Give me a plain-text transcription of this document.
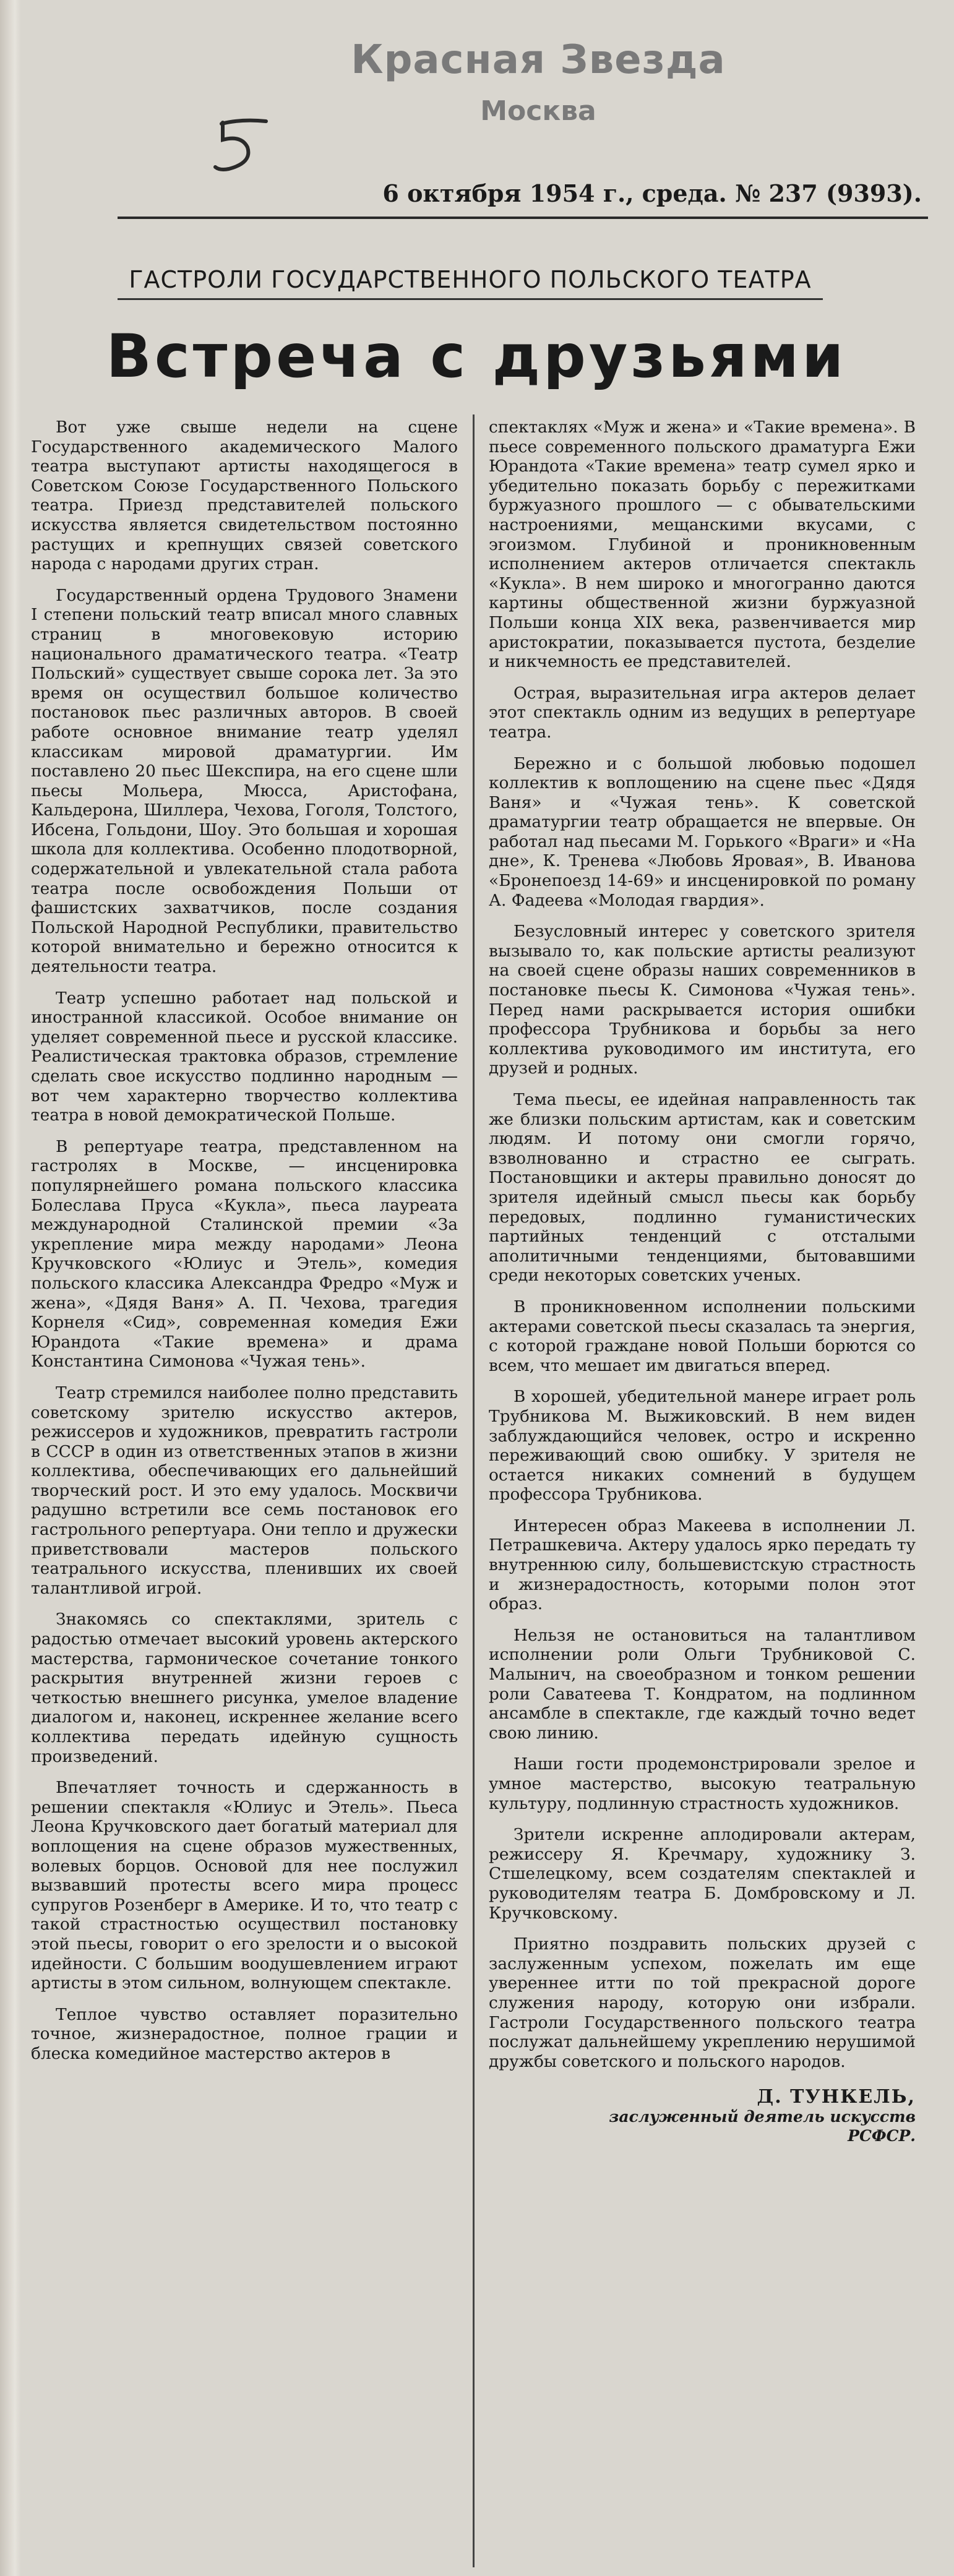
Красная Звезда
Москва
6 октября 1954 г., среда. № 237 (9393).
ГАСТРОЛИ ГОСУДАРСТВЕННОГО ПОЛЬСКОГО ТЕАТРА
Встреча с друзьями

Вот уже свыше недели на сцене Государственного академического Малого театра выступают артисты находящегося в Советском Союзе Государственного Польского театра. Приезд представителей польского искусства является свидетельством постоянно растущих и крепнущих связей советского народа с народами других стран.

Государственный ордена Трудового Знамени I степени польский театр вписал много славных страниц в многовековую историю национального драматического театра. «Театр Польский» существует свыше сорока лет. За это время он осуществил большое количество постановок пьес различных авторов. В своей работе основное внимание театр уделял классикам мировой драматургии. Им поставлено 20 пьес Шекспира, на его сцене шли пьесы Мольера, Мюсса, Аристофана, Кальдерона, Шиллера, Чехова, Гоголя, Толстого, Ибсена, Гольдони, Шоу. Это большая и хорошая школа для коллектива. Особенно плодотворной, содержательной и увлекательной стала работа театра после освобождения Польши от фашистских захватчиков, после создания Польской Народной Республики, правительство которой внимательно и бережно относится к деятельности театра.

Театр успешно работает над польской и иностранной классикой. Особое внимание он уделяет современной пьесе и русской классике. Реалистическая трактовка образов, стремление сделать свое искусство подлинно народным — вот чем характерно творчество коллектива театра в новой демократической Польше.

В репертуаре театра, представленном на гастролях в Москве, — инсценировка популярнейшего романа польского классика Болеслава Пруса «Кукла», пьеса лауреата международной Сталинской премии «За укрепление мира между народами» Леона Кручковского «Юлиус и Этель», комедия польского классика Александра Фредро «Муж и жена», «Дядя Ваня» А. П. Чехова, трагедия Корнеля «Сид», современная комедия Ежи Юрандота «Такие времена» и драма Константина Симонова «Чужая тень».

Театр стремился наиболее полно представить советскому зрителю искусство актеров, режиссеров и художников, превратить гастроли в СССР в один из ответственных этапов в жизни коллектива, обеспечивающих его дальнейший творческий рост. И это ему удалось. Москвичи радушно встретили все семь постановок его гастрольного репертуара. Они тепло и дружески приветствовали мастеров польского театрального искусства, пленивших их своей талантливой игрой.

Знакомясь со спектаклями, зритель с радостью отмечает высокий уровень актерского мастерства, гармоническое сочетание тонкого раскрытия внутренней жизни героев с четкостью внешнего рисунка, умелое владение диалогом и, наконец, искреннее желание всего коллектива передать идейную сущность произведений.

Впечатляет точность и сдержанность в решении спектакля «Юлиус и Этель». Пьеса Леона Кручковского дает богатый материал для воплощения на сцене образов мужественных, волевых борцов. Основой для нее послужил вызвавший протесты всего мира процесс супругов Розенберг в Америке. И то, что театр с такой страстностью осуществил постановку этой пьесы, говорит о его зрелости и о высокой идейности. С большим воодушевлением играют артисты в этом сильном, волнующем спектакле.

Теплое чувство оставляет поразительно точное, жизнерадостное, полное грации и блеска комедийное мастерство актеров в

спектаклях «Муж и жена» и «Такие времена». В пьесе современного польского драматурга Ежи Юрандота «Такие времена» театр сумел ярко и убедительно показать борьбу с пережитками буржуазного прошлого — с обывательскими настроениями, мещанскими вкусами, с эгоизмом. Глубиной и проникновенным исполнением актеров отличается спектакль «Кукла». В нем широко и многогранно даются картины общественной жизни буржуазной Польши конца XIX века, развенчивается мир аристократии, показывается пустота, безделие и никчемность ее представителей.

Острая, выразительная игра актеров делает этот спектакль одним из ведущих в репертуаре театра.

Бережно и с большой любовью подошел коллектив к воплощению на сцене пьес «Дядя Ваня» и «Чужая тень». К советской драматургии театр обращается не впервые. Он работал над пьесами М. Горького «Враги» и «На дне», К. Тренева «Любовь Яровая», В. Иванова «Бронепоезд 14-69» и инсценировкой по роману А. Фадеева «Молодая гвардия».

Безусловный интерес у советского зрителя вызывало то, как польские артисты реализуют на своей сцене образы наших современников в постановке пьесы К. Симонова «Чужая тень». Перед нами раскрывается история ошибки профессора Трубникова и борьбы за него коллектива руководимого им института, его друзей и родных.

Тема пьесы, ее идейная направленность так же близки польским артистам, как и советским людям. И потому они смогли горячо, взволнованно и страстно ее сыграть. Постановщики и актеры правильно доносят до зрителя идейный смысл пьесы как борьбу передовых, подлинно гуманистических партийных тенденций с отсталыми аполитичными тенденциями, бытовавшими среди некоторых советских ученых.

В проникновенном исполнении польскими актерами советской пьесы сказалась та энергия, с которой граждане новой Польши борются со всем, что мешает им двигаться вперед.

В хорошей, убедительной манере играет роль Трубникова М. Выжиковский. В нем виден заблуждающийся человек, остро и искренно переживающий свою ошибку. У зрителя не остается никаких сомнений в будущем профессора Трубникова.

Интересен образ Макеева в исполнении Л. Петрашкевича. Актеру удалось ярко передать ту внутреннюю силу, большевистскую страстность и жизнерадостность, которыми полон этот образ.

Нельзя не остановиться на талантливом исполнении роли Ольги Трубниковой С. Малынич, на своеобразном и тонком решении роли Саватеева Т. Кондратом, на подлинном ансамбле в спектакле, где каждый точно ведет свою линию.

Наши гости продемонстрировали зрелое и умное мастерство, высокую театральную культуру, подлинную страстность художников.

Зрители искренне аплодировали актерам, режиссеру Я. Кречмару, художнику З. Стшелецкому, всем создателям спектаклей и руководителям театра Б. Домбровскому и Л. Кручковскому.

Приятно поздравить польских друзей с заслуженным успехом, пожелать им еще увереннее итти по той прекрасной дороге служения народу, которую они избрали. Гастроли Государственного польского театра послужат дальнейшему укреплению нерушимой дружбы советского и польского народов.

Д. ТУНКЕЛЬ,
заслуженный деятель искусств
РСФСР.
